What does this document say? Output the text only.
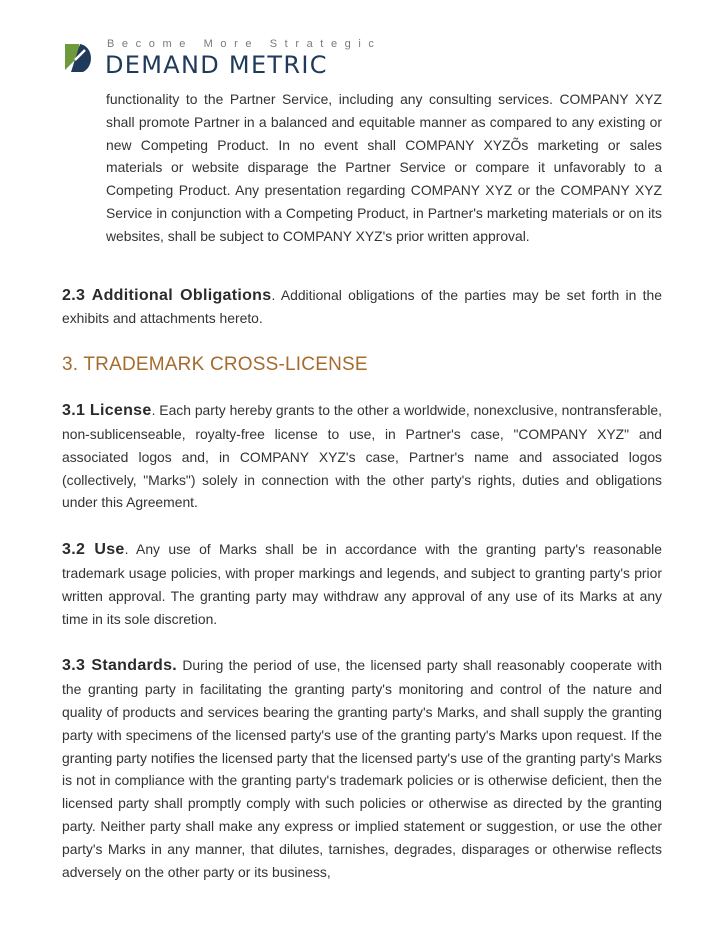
Become More Strategic
DEMAND METRIC

functionality to the Partner Service, including any consulting services. COMPANY XYZ shall promote Partner in a balanced and equitable manner as compared to any existing or new Competing Product. In no event shall COMPANY XYZÕs marketing or sales materials or website disparage the Partner Service or compare it unfavorably to a Competing Product. Any presentation regarding COMPANY XYZ or the COMPANY XYZ Service in conjunction with a Competing Product, in Partner's marketing materials or on its websites, shall be subject to COMPANY XYZ's prior written approval.

2.3 Additional Obligations. Additional obligations of the parties may be set forth in the exhibits and attachments hereto.

3. TRADEMARK CROSS-LICENSE

3.1 License. Each party hereby grants to the other a worldwide, nonexclusive, nontransferable, non-sublicenseable, royalty-free license to use, in Partner's case, "COMPANY XYZ" and associated logos and, in COMPANY XYZ's case, Partner's name and associated logos (collectively, "Marks") solely in connection with the other party's rights, duties and obligations under this Agreement.

3.2 Use. Any use of Marks shall be in accordance with the granting party's reasonable trademark usage policies, with proper markings and legends, and subject to granting party's prior written approval. The granting party may withdraw any approval of any use of its Marks at any time in its sole discretion.

3.3 Standards. During the period of use, the licensed party shall reasonably cooperate with the granting party in facilitating the granting party's monitoring and control of the nature and quality of products and services bearing the granting party's Marks, and shall supply the granting party with specimens of the licensed party's use of the granting party's Marks upon request. If the granting party notifies the licensed party that the licensed party's use of the granting party's Marks is not in compliance with the granting party's trademark policies or is otherwise deficient, then the licensed party shall promptly comply with such policies or otherwise as directed by the granting party. Neither party shall make any express or implied statement or suggestion, or use the other party's Marks in any manner, that dilutes, tarnishes, degrades, disparages or otherwise reflects adversely on the other party or its business,
